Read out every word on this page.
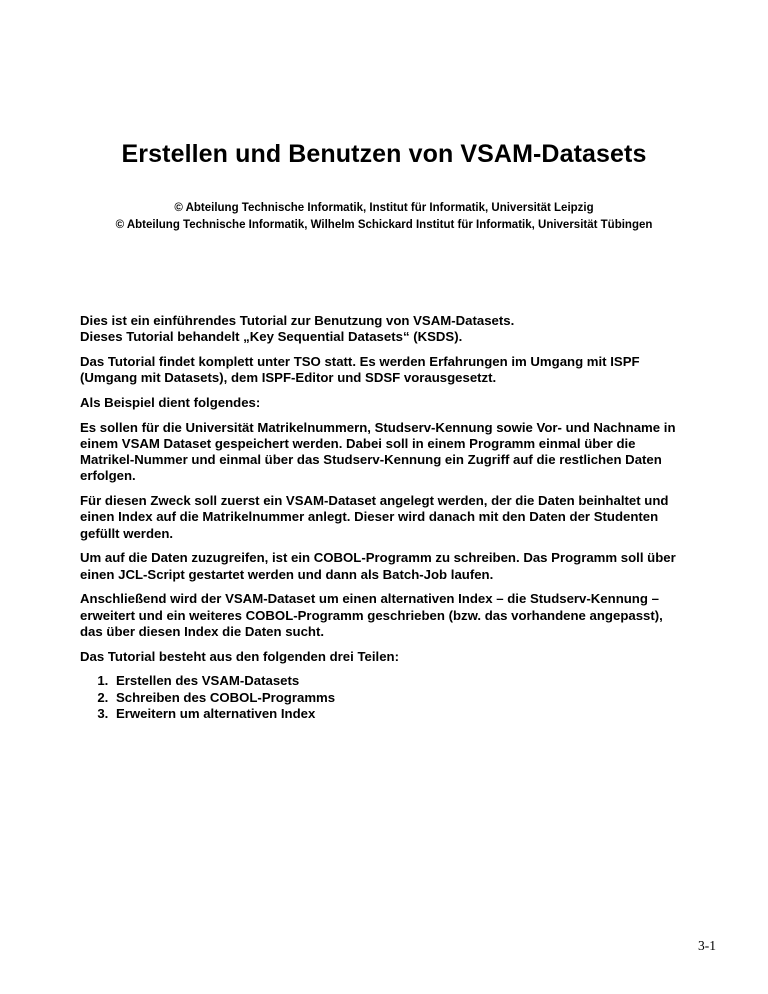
Erstellen und Benutzen von VSAM-Datasets
© Abteilung Technische Informatik, Institut für Informatik, Universität Leipzig
© Abteilung Technische Informatik, Wilhelm Schickard Institut für Informatik, Universität Tübingen

Dies ist ein einführendes Tutorial zur Benutzung von VSAM-Datasets.
Dieses Tutorial behandelt „Key Sequential Datasets“ (KSDS).

Das Tutorial findet komplett unter TSO statt. Es werden Erfahrungen im Umgang mit ISPF
(Umgang mit Datasets), dem ISPF-Editor und SDSF vorausgesetzt.

Als Beispiel dient folgendes:

Es sollen für die Universität Matrikelnummern, Studserv-Kennung sowie Vor- und Nachname in
einem VSAM Dataset gespeichert werden. Dabei soll in einem Programm einmal über die
Matrikel-Nummer und einmal über das Studserv-Kennung ein Zugriff auf die restlichen Daten
erfolgen.

Für diesen Zweck soll zuerst ein VSAM-Dataset angelegt werden, der die Daten beinhaltet und
einen Index auf die Matrikelnummer anlegt. Dieser wird danach mit den Daten der Studenten
gefüllt werden.

Um auf die Daten zuzugreifen, ist ein COBOL-Programm zu schreiben. Das Programm soll über
einen JCL-Script gestartet werden und dann als Batch-Job laufen.

Anschließend wird der VSAM-Dataset um einen alternativen Index – die Studserv-Kennung –
erweitert und ein weiteres COBOL-Programm geschrieben (bzw. das vorhandene angepasst),
das über diesen Index die Daten sucht.

Das Tutorial besteht aus den folgenden drei Teilen:

1. Erstellen des VSAM-Datasets
2. Schreiben des COBOL-Programms
3. Erweitern um alternativen Index
3-1
